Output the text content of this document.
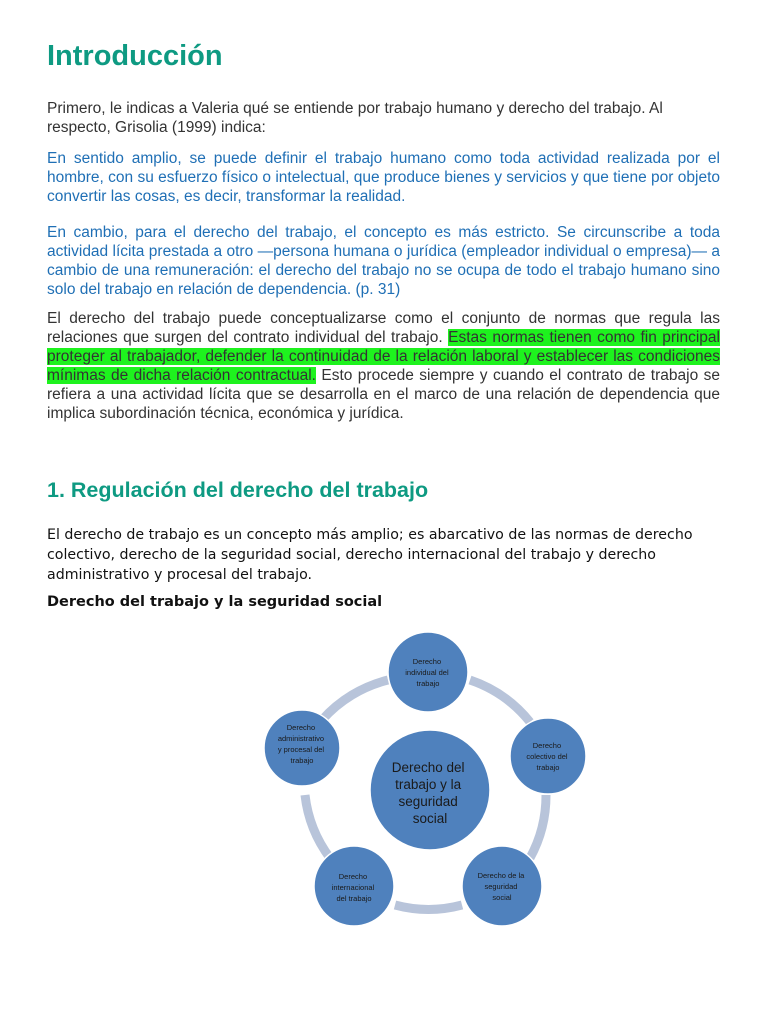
Introducción

Primero, le indicas a Valeria qué se entiende por trabajo humano y derecho del trabajo. Al respecto, Grisolia (1999) indica:

En sentido amplio, se puede definir el trabajo humano como toda actividad realizada por el hombre, con su esfuerzo físico o intelectual, que produce bienes y servicios y que tiene por objeto convertir las cosas, es decir, transformar la realidad.

En cambio, para el derecho del trabajo, el concepto es más estricto. Se circunscribe a toda actividad lícita prestada a otro —persona humana o jurídica (empleador individual o empresa)— a cambio de una remuneración: el derecho del trabajo no se ocupa de todo el trabajo humano sino solo del trabajo en relación de dependencia. (p. 31)

El derecho del trabajo puede conceptualizarse como el conjunto de normas que regula las relaciones que surgen del contrato individual del trabajo. Estas normas tienen como fin principal proteger al trabajador, defender la continuidad de la relación laboral y establecer las condiciones mínimas de dicha relación contractual. Esto procede siempre y cuando el contrato de trabajo se refiera a una actividad lícita que se desarrolla en el marco de una relación de dependencia que implica subordinación técnica, económica y jurídica.

1. Regulación del derecho del trabajo

El derecho de trabajo es un concepto más amplio; es abarcativo de las normas de derecho colectivo, derecho de la seguridad social, derecho internacional del trabajo y derecho administrativo y procesal del trabajo.

Derecho del trabajo y la seguridad social

Derecho del trabajo y la seguridad social
Derecho individual del trabajo
Derecho colectivo del trabajo
Derecho de la seguridad social
Derecho internacional del trabajo
Derecho administrativo y procesal del trabajo
